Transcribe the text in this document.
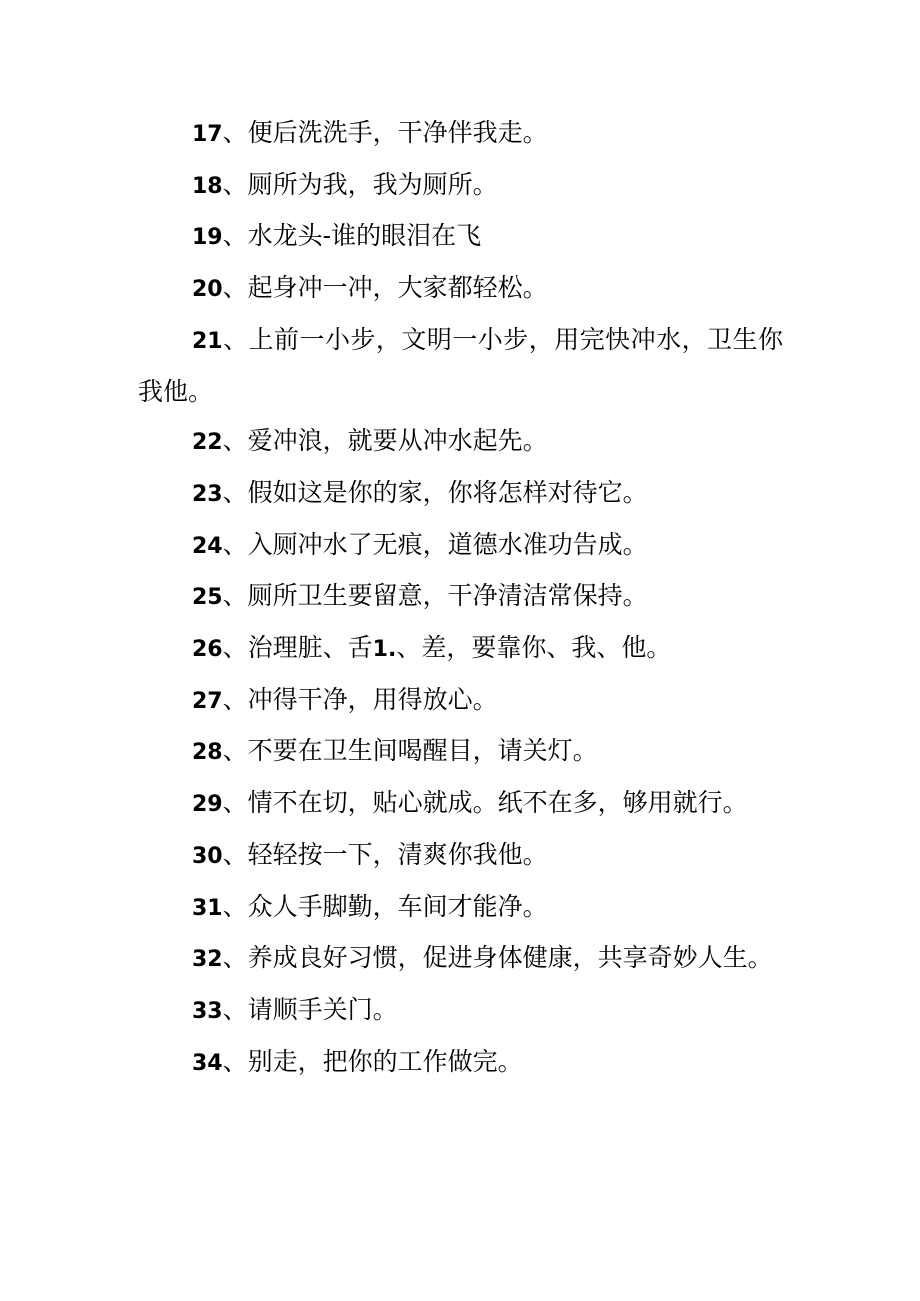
17、便后洗洗手，干净伴我走。

18、厕所为我，我为厕所。

19、水龙头-谁的眼泪在飞

20、起身冲一冲，大家都轻松。

21、上前一小步，文明一小步，用完快冲水，卫生你我他。

22、爱冲浪，就要从冲水起先。

23、假如这是你的家，你将怎样对待它。

24、入厕冲水了无痕，道德水准功告成。

25、厕所卫生要留意，干净清洁常保持。

26、治理脏、舌1.、差，要靠你、我、他。

27、冲得干净，用得放心。

28、不要在卫生间喝醒目，请关灯。

29、情不在切，贴心就成。纸不在多，够用就行。

30、轻轻按一下，清爽你我他。

31、众人手脚勤，车间才能净。

32、养成良好习惯，促进身体健康，共享奇妙人生。

33、请顺手关门。

34、别走，把你的工作做完。
